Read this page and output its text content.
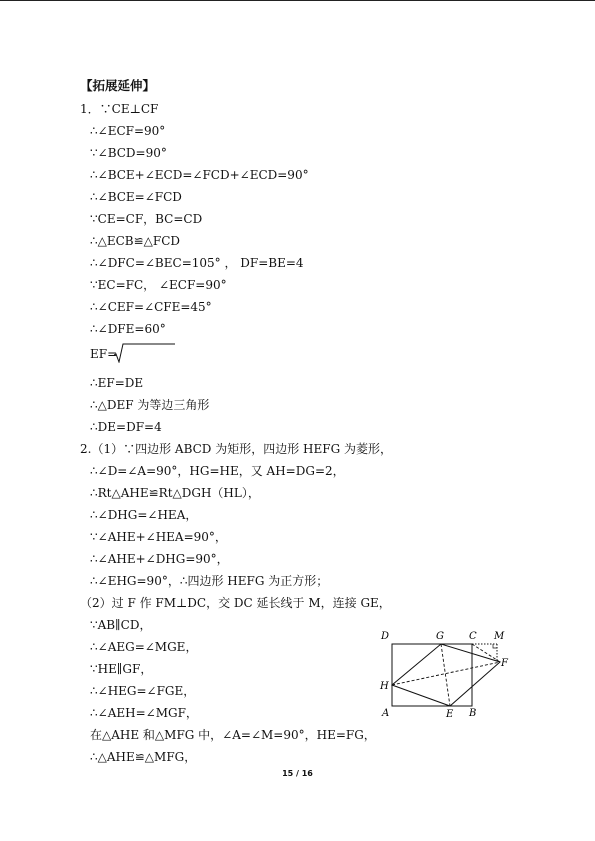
【拓展延伸】
1．∵CE⊥CF
∴∠ECF=90°
∵∠BCD=90°
∴∠BCE+∠ECD=∠FCD+∠ECD=90°
∴∠BCE=∠FCD
∵CE=CF，BC=CD
∴△ECB≌△FCD
∴∠DFC=∠BEC=105° ， DF=BE=4
∵EC=FC， ∠ECF=90°
∴∠CEF=∠CFE=45°
∴∠DFE=60°
EF=
∴EF=DE
∴△DEF 为等边三角形
∴DE=DF=4
2.（1）∵四边形 ABCD 为矩形，四边形 HEFG 为菱形，
∴∠D=∠A=90°，HG=HE，又 AH=DG=2，
∴Rt△AHE≌Rt△DGH（HL），
∴∠DHG=∠HEA，
∵∠AHE+∠HEA=90°，
∴∠AHE+∠DHG=90°，
∴∠EHG=90°，∴四边形 HEFG 为正方形；
（2）过 F 作 FM⊥DC，交 DC 延长线于 M，连接 GE，
∵AB∥CD，
∴∠AEG=∠MGE，
∵HE∥GF，
∴∠HEG=∠FGE，
∴∠AEH=∠MGF，
在△AHE 和△MFG 中，∠A=∠M=90°，HE=FG，
∴△AHE≌△MFG，
D	G	C M
F
H
A	E B
15 / 16
